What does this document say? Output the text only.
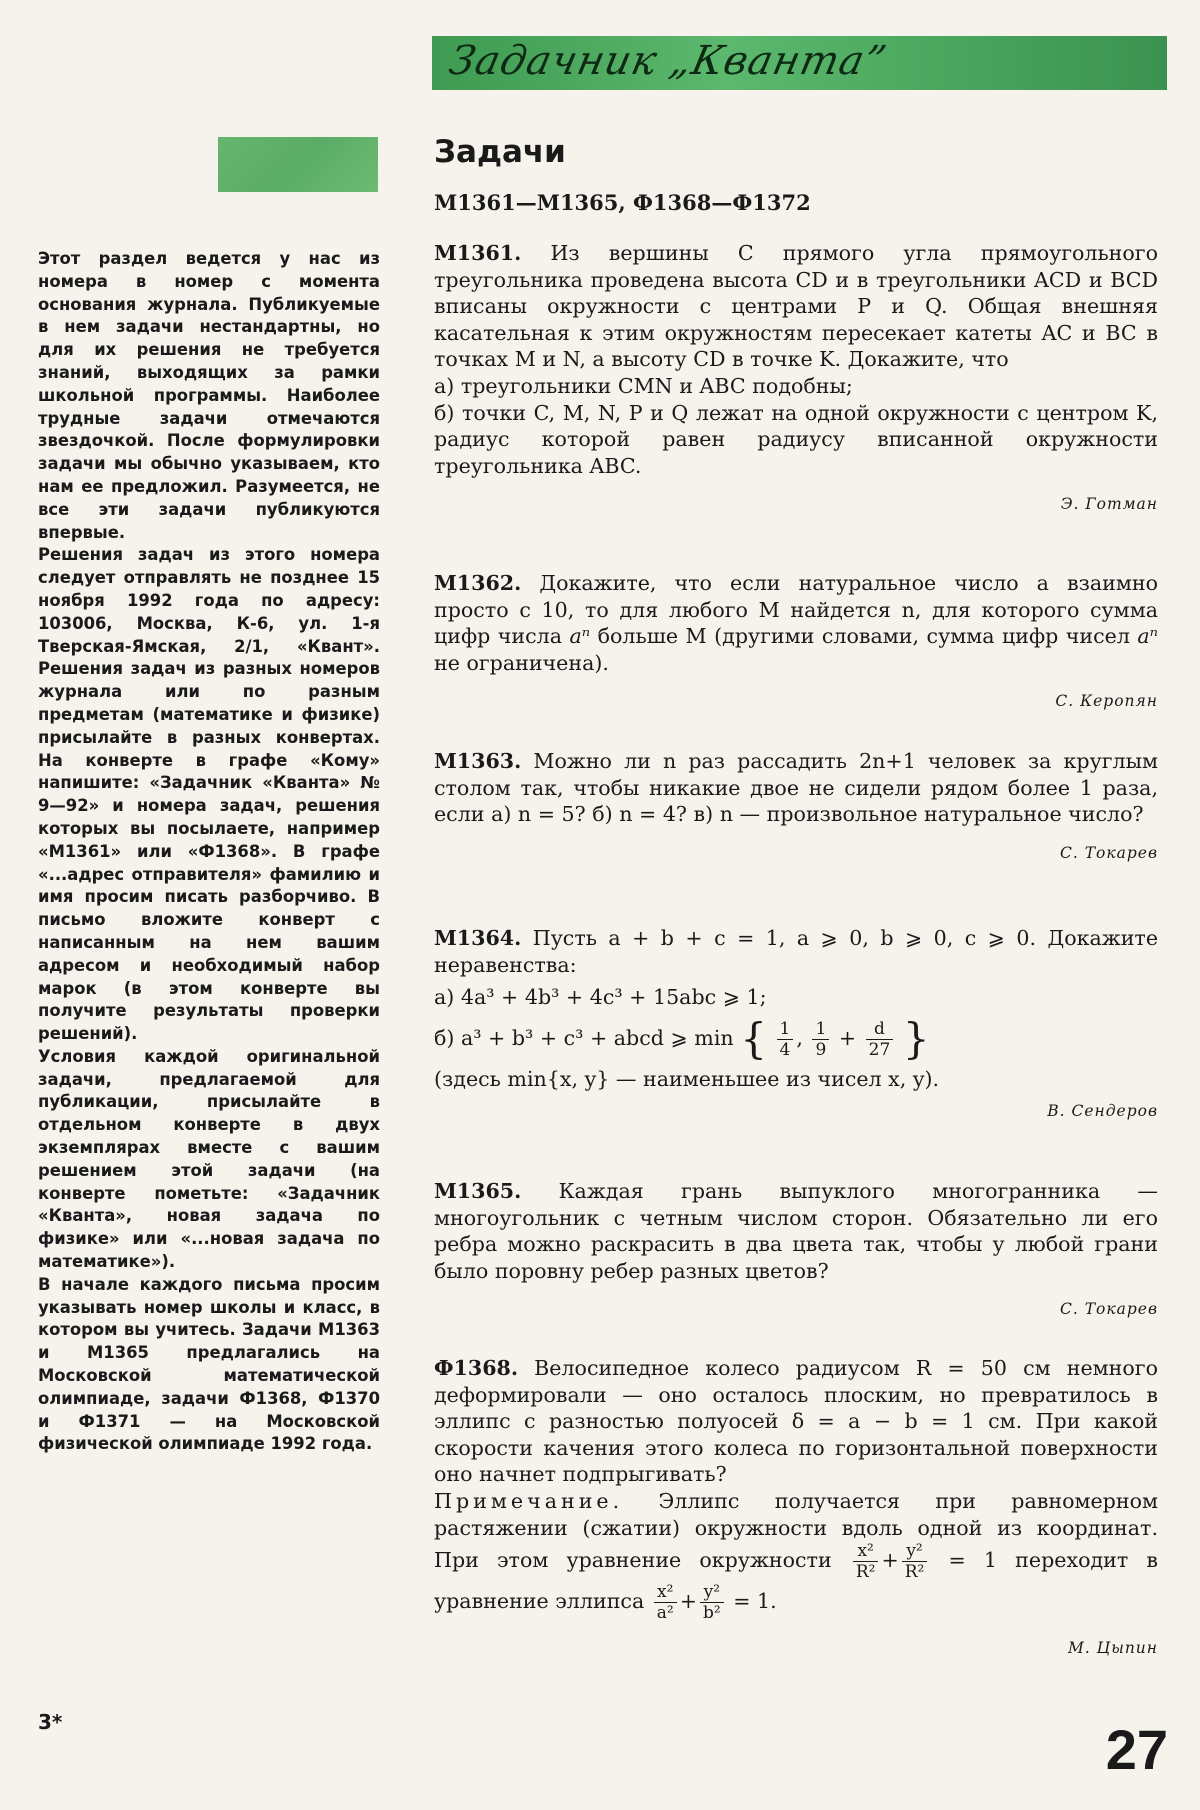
Задачник „Кванта”

Этот раздел ведется у нас из номера в номер с момента основания журнала. Публикуемые в нем задачи нестандартны, но для их решения не требуется знаний, выходящих за рамки школьной программы. Наиболее трудные задачи отмечаются звездочкой. После формулировки задачи мы обычно указываем, кто нам ее предложил. Разумеется, не все эти задачи публикуются впервые.

Решения задач из этого номера следует отправлять не позднее 15 ноября 1992 года по адресу: 103006, Москва, К-6, ул. 1-я Тверская-Ямская, 2/1, «Квант». Решения задач из разных номеров журнала или по разным предметам (математике и физике) присылайте в разных конвертах. На конверте в графе «Кому» напишите: «Задачник «Кванта» № 9—92» и номера задач, решения которых вы посылаете, например «M1361» или «Ф1368». В графе «...адрес отправителя» фамилию и имя просим писать разборчиво. В письмо вложите конверт с написанным на нем вашим адресом и необходимый набор марок (в этом конверте вы получите результаты проверки решений).

Условия каждой оригинальной задачи, предлагаемой для публикации, присылайте в отдельном конверте в двух экземплярах вместе с вашим решением этой задачи (на конверте пометьте: «Задачник «Кванта», новая задача по физике» или «...новая задача по математике»).

В начале каждого письма просим указывать номер школы и класс, в котором вы учитесь. Задачи M1363 и M1365 предлагались на Московской математической олимпиаде, задачи Ф1368, Ф1370 и Ф1371 — на Московской физической олимпиаде 1992 года.

Задачи
M1361—M1365, Ф1368—Ф1372

M1361. Из вершины C прямого угла прямоугольного треугольника проведена высота CD и в треугольники ACD и BCD вписаны окружности с центрами P и Q. Общая внешняя касательная к этим окружностям пересекает катеты AC и BC в точках M и N, а высоту CD в точке K. Докажите, что

а) треугольники CMN и ABC подобны;

б) точки C, M, N, P и Q лежат на одной окружности с центром K, радиус которой равен радиусу вписанной окружности треугольника ABC.

Э. Готман

M1362. Докажите, что если натуральное число a взаимно просто с 10, то для любого M найдется n, для которого сумма цифр числа aⁿ больше M (другими словами, сумма цифр чисел aⁿ не ограничена).

С. Керопян

M1363. Можно ли n раз рассадить 2n+1 человек за круглым столом так, чтобы никакие двое не сидели рядом более 1 раза, если а) n = 5? б) n = 4? в) n — произвольное натуральное число?

С. Токарев

M1364. Пусть a + b + c = 1, a ⩾ 0, b ⩾ 0, c ⩾ 0. Докажите неравенства:

а) 4a³ + 4b³ + 4c³ + 15abc ⩾ 1;

б) a³ + b³ + c³ + abcd ⩾ min { $\frac{1}{4}$ , $\frac{1}{9} + \frac{d}{27}$ }

(здесь min{x, y} — наименьшее из чисел x, y).

В. Сендеров

M1365. Каждая грань выпуклого многогранника — многоугольник с четным числом сторон. Обязательно ли его ребра можно раскрасить в два цвета так, чтобы у любой грани было поровну ребер разных цветов?

С. Токарев

Ф1368. Велосипедное колесо радиусом R = 50 см немного деформировали — оно осталось плоским, но превратилось в эллипс с разностью полуосей δ = a − b = 1 см. При какой скорости качения этого колеса по горизонтальной поверхности оно начнет подпрыгивать?

Примечание. Эллипс получается при равномерном растяжении (сжатии) окружности вдоль одной из координат. При этом уравнение окружности $\frac{\text{x²}}{\text{R²}} + \frac{\text{y²}}{\text{R²}} = 1$ переходит в уравнение эллипса $\frac{\text{x²}}{\text{a²}} + \frac{\text{y²}}{\text{b²}} = 1$.

М. Цыпин
3*	27
